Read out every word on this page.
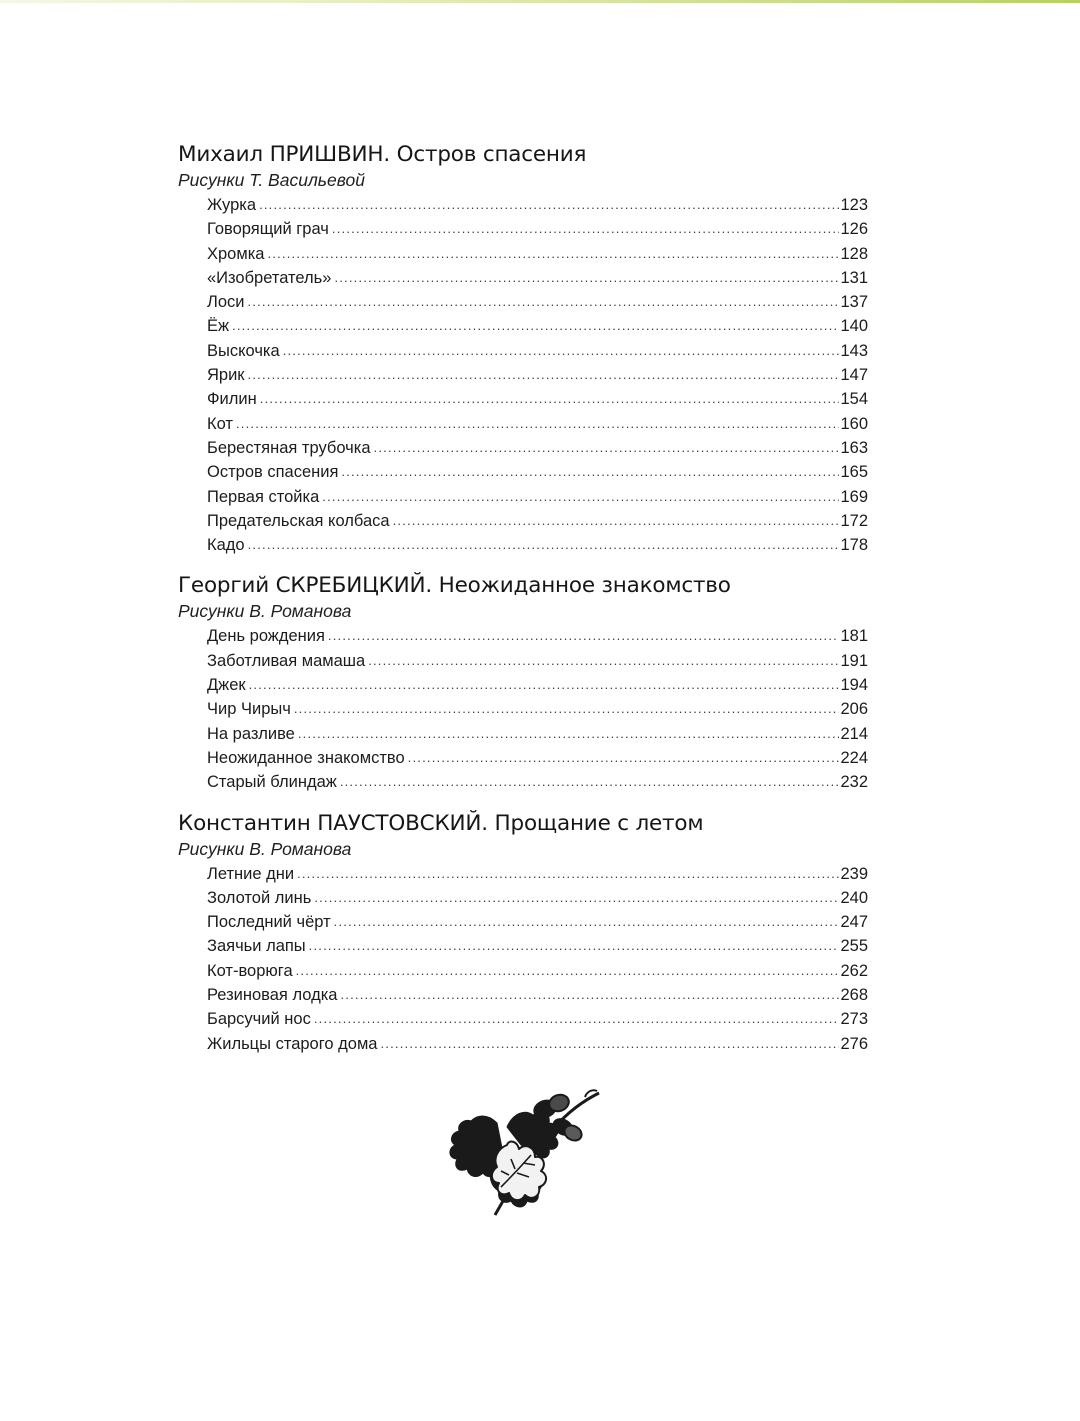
Михаил ПРИШВИН. Остров спасения
Рисунки Т. Васильевой
Журка .....	123
Говорящий грач .....	126
Хромка .....	128
«Изобретатель» .....	131
Лоси .....	137
Ёж .....	140
Выскочка .....	143
Ярик .....	147
Филин .....	154
Кот .....	160
Берестяная трубочка .....	163
Остров спасения .....	165
Первая стойка .....	169
Предательская колбаса .....	172
Кадо .....	178
Георгий СКРЕБИЦКИЙ. Неожиданное знакомство
Рисунки В. Романова
День рождения .....	181
Заботливая мамаша .....	191
Джек .....	194
Чир Чирыч .....	206
На разливе .....	214
Неожиданное знакомство .....	224
Старый блиндаж .....	232
Константин ПАУСТОВСКИЙ. Прощание с летом
Рисунки В. Романова
Летние дни .....	239
Золотой линь .....	240
Последний чёрт .....	247
Заячьи лапы .....	255
Кот-ворюга .....	262
Резиновая лодка .....	268
Барсучий нос .....	273
Жильцы старого дома .....	276
